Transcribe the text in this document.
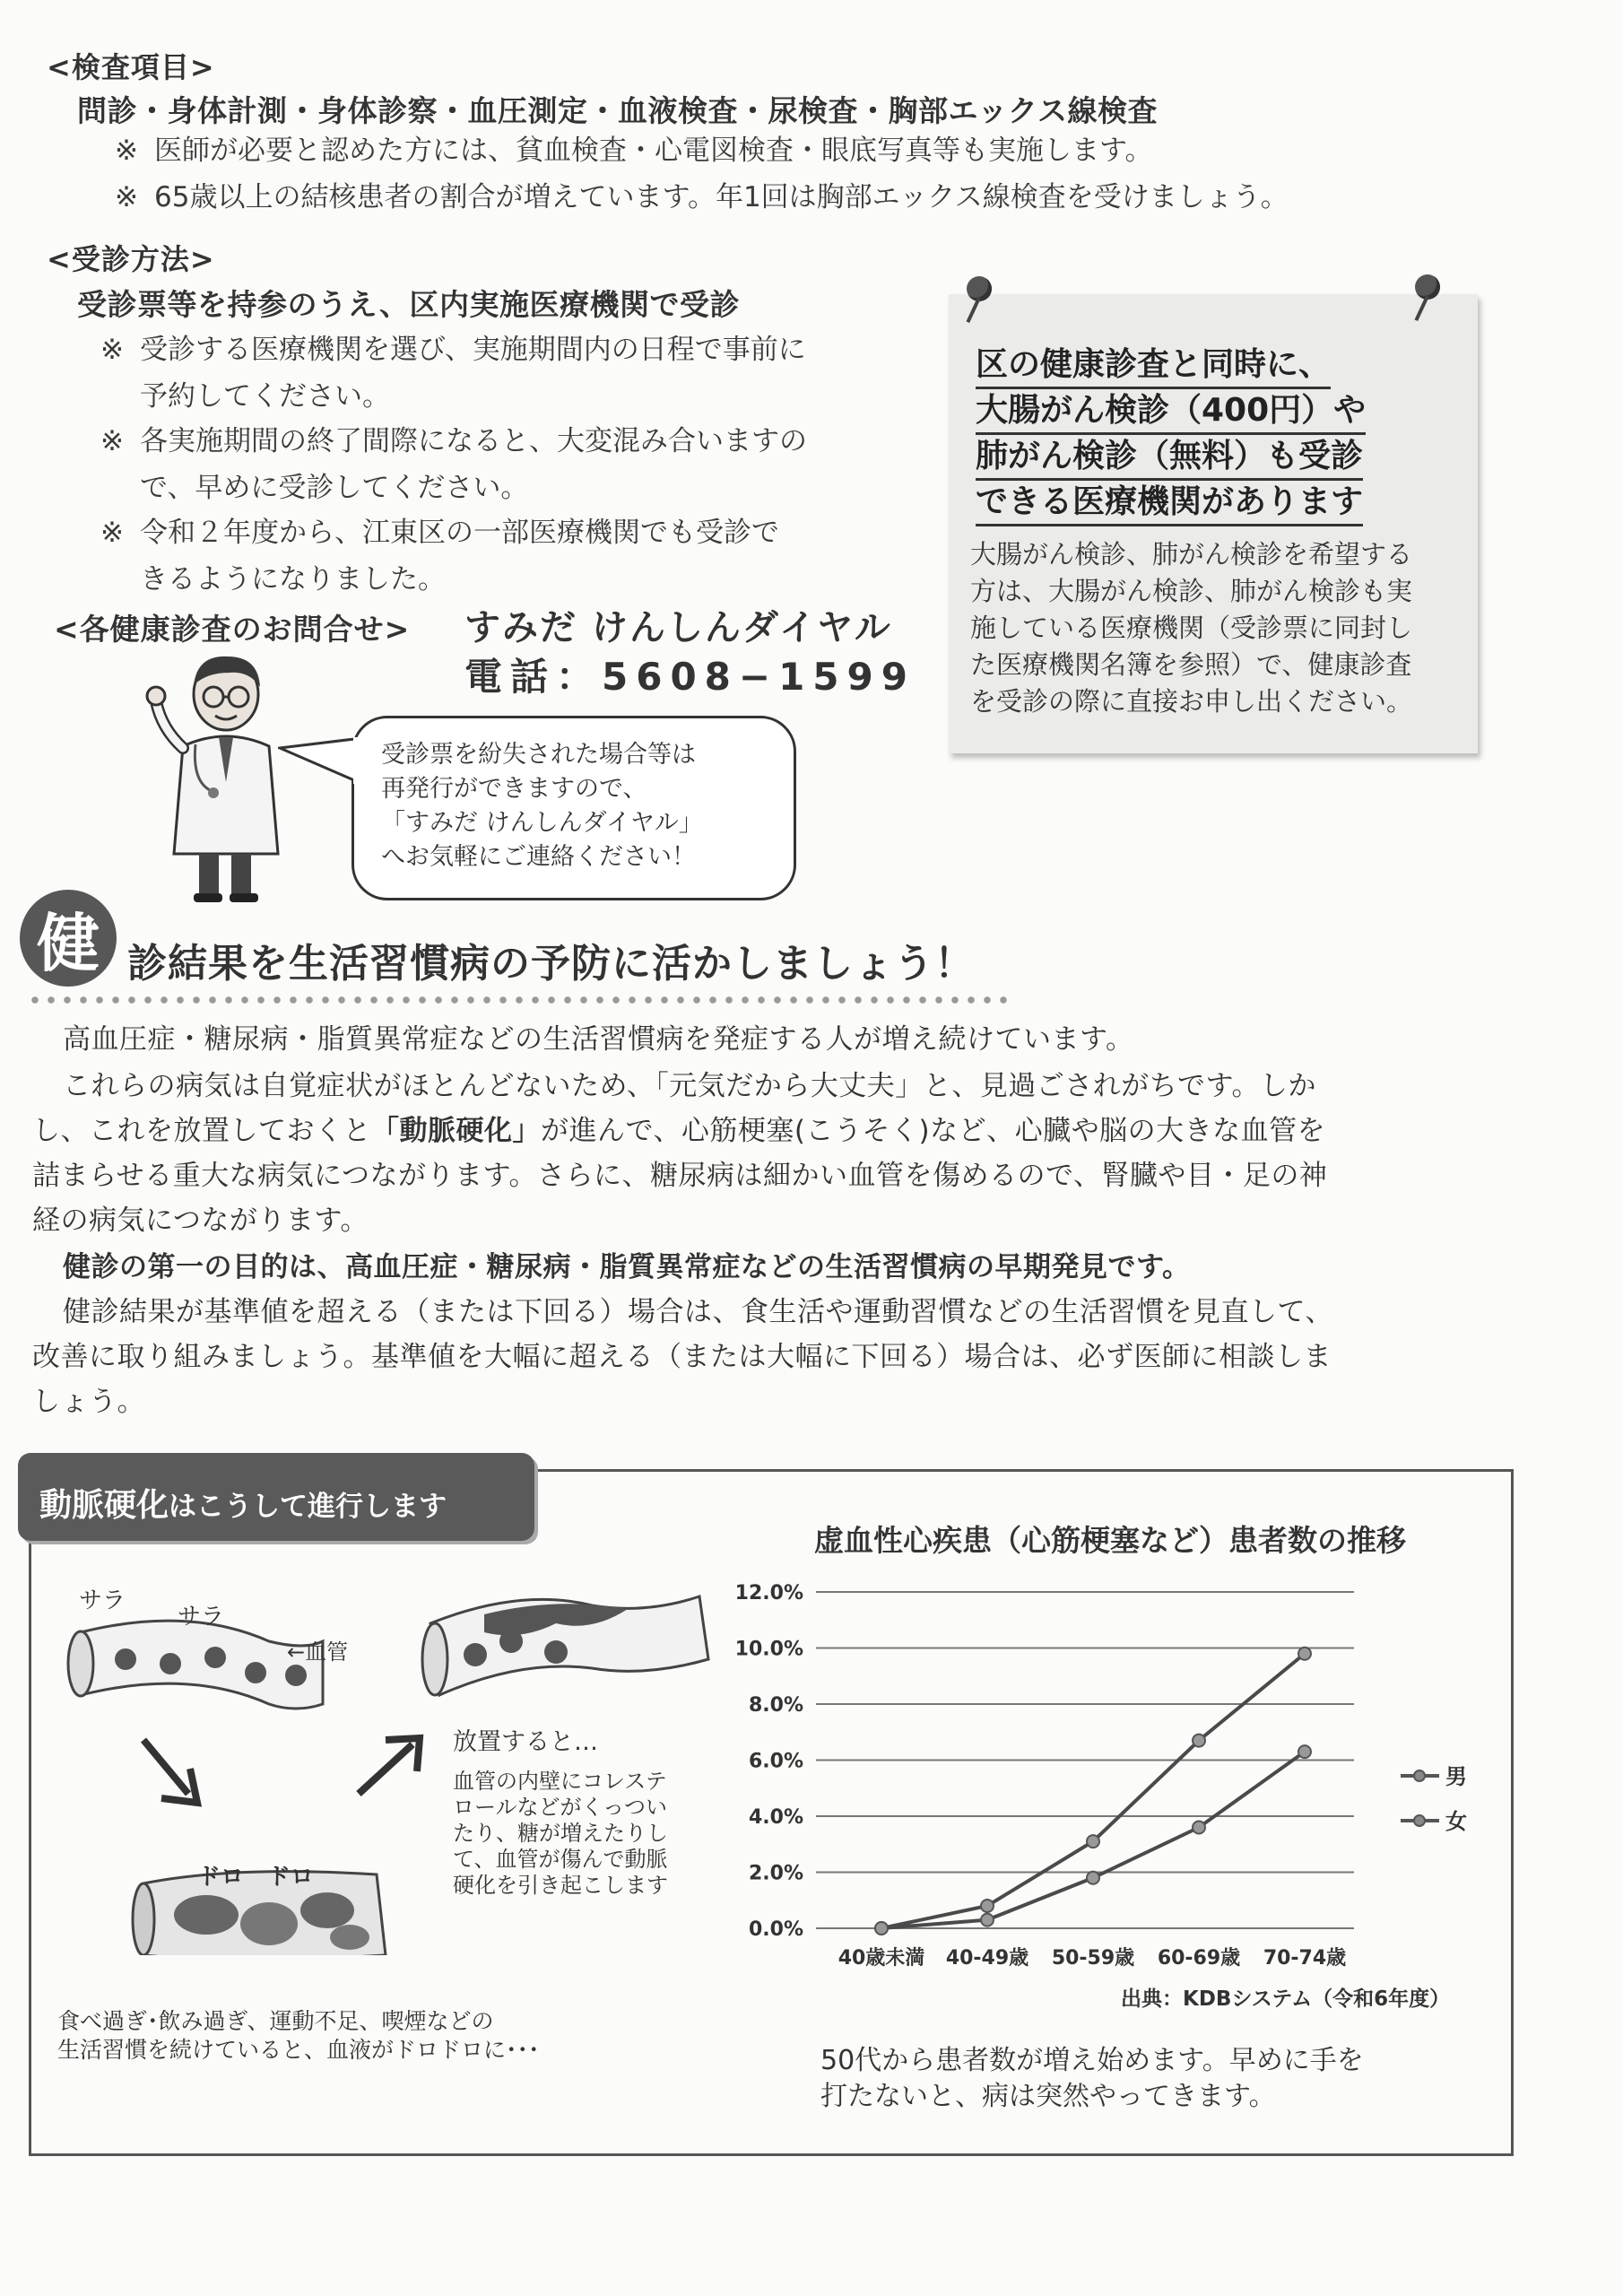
<検査項目>
問診・身体計測・身体診察・血圧測定・血液検査・尿検査・胸部エックス線検査
※ 医師が必要と認めた方には、貧血検査・心電図検査・眼底写真等も実施します。
※ 65歳以上の結核患者の割合が増えています。年1回は胸部エックス線検査を受けましょう。
<受診方法>
受診票等を持参のうえ、区内実施医療機関で受診
※ 受診する医療機関を選び、実施期間内の日程で事前に
予約してください。
※ 各実施期間の終了間際になると、大変混み合いますの
で、早めに受診してください。
※ 令和２年度から、江東区の一部医療機関でも受診で
きるようになりました。
区の健康診査と同時に、
大腸がん検診（400円）や
肺がん検診（無料）も受診
できる医療機関があります
大腸がん検診、肺がん検診を希望する
方は、大腸がん検診、肺がん検診も実
施している医療機関（受診票に同封し
た医療機関名簿を参照）で、健康診査
を受診の際に直接お申し出ください。
<各健康診査のお問合せ> すみだ けんしんダイヤル
電話：5608−1599
受診票を紛失された場合等は
再発行ができますので、
「すみだ けんしんダイヤル」
へお気軽にご連絡ください！
健 診結果を生活習慣病の予防に活かしましょう！
高血圧症・糖尿病・脂質異常症などの生活習慣病を発症する人が増え続けています。
これらの病気は自覚症状がほとんどないため、「元気だから大丈夫」と、見過ごされがちです。しか
し、これを放置しておくと「動脈硬化」が進んで、心筋梗塞(こうそく)など、心臓や脳の大きな血管を
詰まらせる重大な病気につながります。さらに、糖尿病は細かい血管を傷めるので、腎臓や目・足の神
経の病気につながります。
健診の第一の目的は、高血圧症・糖尿病・脂質異常症などの生活習慣病の早期発見です。
健診結果が基準値を超える（または下回る）場合は、食生活や運動習慣などの生活習慣を見直して、
改善に取り組みましょう。基準値を大幅に超える（または大幅に下回る）場合は、必ず医師に相談しま
しょう。
動脈硬化はこうして進行します
サラ
サラ
←血管
ドロ　ドロ
放置すると…
血管の内壁にコレステ
ロールなどがくっつい
たり、糖が増えたりし
て、血管が傷んで動脈
硬化を引き起こします
食べ過ぎ･飲み過ぎ、運動不足、喫煙などの
生活習慣を続けていると、血液がドロドロに･･･
虚血性心疾患（心筋梗塞など）患者数の推移
0.0%
2.0%
4.0%
6.0%
8.0%
10.0%
12.0%
40歳未満 40-49歳 50-59歳 60-69歳 70-74歳
男
女
出典：KDBシステム（令和6年度）
50代から患者数が増え始めます。早めに手を
打たないと、病は突然やってきます。
